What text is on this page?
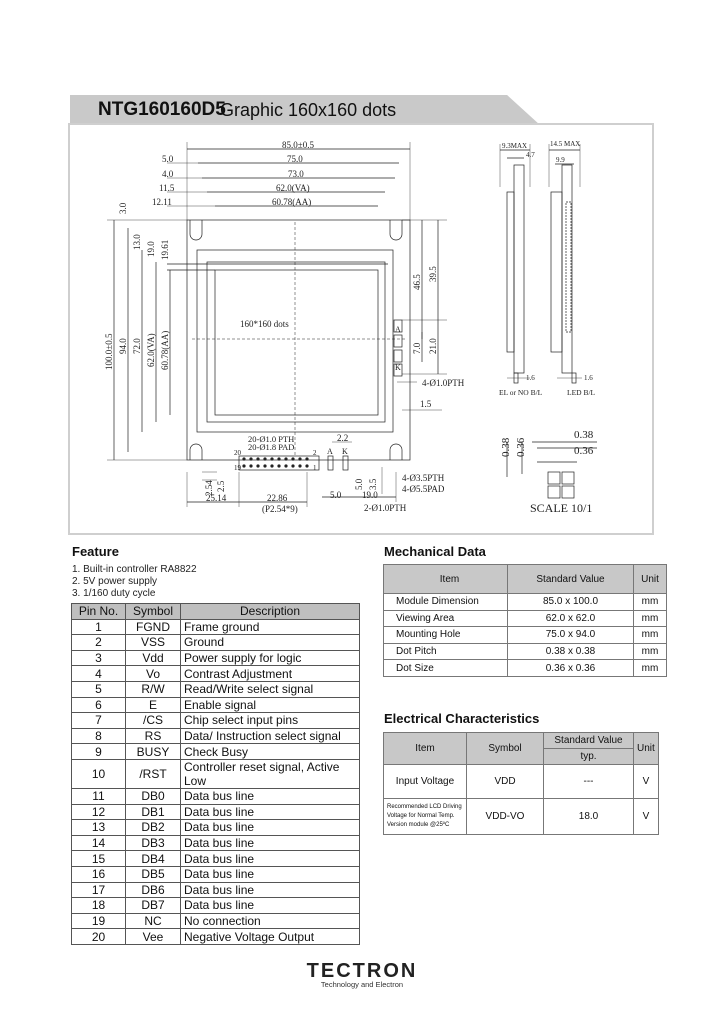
NTG160160D5
Graphic 160x160 dots
85.0±0.5
75.0
5.0
73.0
4.0
62.0(VA)
11.5
60.78(AA)
12.11
3.0
100.0±0.5 94.0 72.0 62.0(VA) 60.78(AA)
13.0 19.0 19.61
46.5
39.5
7.0 21.0
160*160 dots
4-Ø1.0PTH
1.5
A
K
20-Ø1.0 PTH
20-Ø1.8 PAD
20
19
2
1
2.2
A K
2.54 2.5
25.14	22.86
(P2.54*9)
5.0 19.0
5.0 3.5
4-Ø3.5PTH
4-Ø5.5PAD
2-Ø1.0PTH
9.3MAX
4.7
14.5 MAX
9.9
1.6	1.6
EL or NO B/L	LED B/L
0.38 0.36
0.38
0.36
SCALE 10/1
Feature
1. Built-in controller RA8822
2. 5V power supply
3. 1/160 duty cycle
Pin No.	Symbol	Description
1	FGND	Frame ground
2	VSS	Ground
3	Vdd	Power supply for logic
4	Vo	Contrast Adjustment
5	R/W	Read/Write select signal
6	E	Enable signal
7	/CS	Chip select input pins
8	RS	Data/ Instruction select signal
9	BUSY	Check Busy
10	/RST	Controller reset signal, Active Low
11	DB0	Data bus line
12	DB1	Data bus line
13	DB2	Data bus line
14	DB3	Data bus line
15	DB4	Data bus line
16	DB5	Data bus line
17	DB6	Data bus line
18	DB7	Data bus line
19	NC	No connection
20	Vee	Negative Voltage Output
Mechanical Data
Item	Standard Value	Unit
Module Dimension	85.0 x 100.0	mm
Viewing Area	62.0 x 62.0	mm
Mounting Hole	75.0 x 94.0	mm
Dot Pitch	0.38 x 0.38	mm
Dot Size	0.36 x 0.36	mm
Electrical Characteristics
Item	Symbol	Standard Value	Unit
		typ.	
Input Voltage	VDD	---	V

Recommended LCD Driving
Voltage for Normal Temp.
Version module @25ºC	VDD-VO	18.0	V
TECTRON
Technology and Electron
